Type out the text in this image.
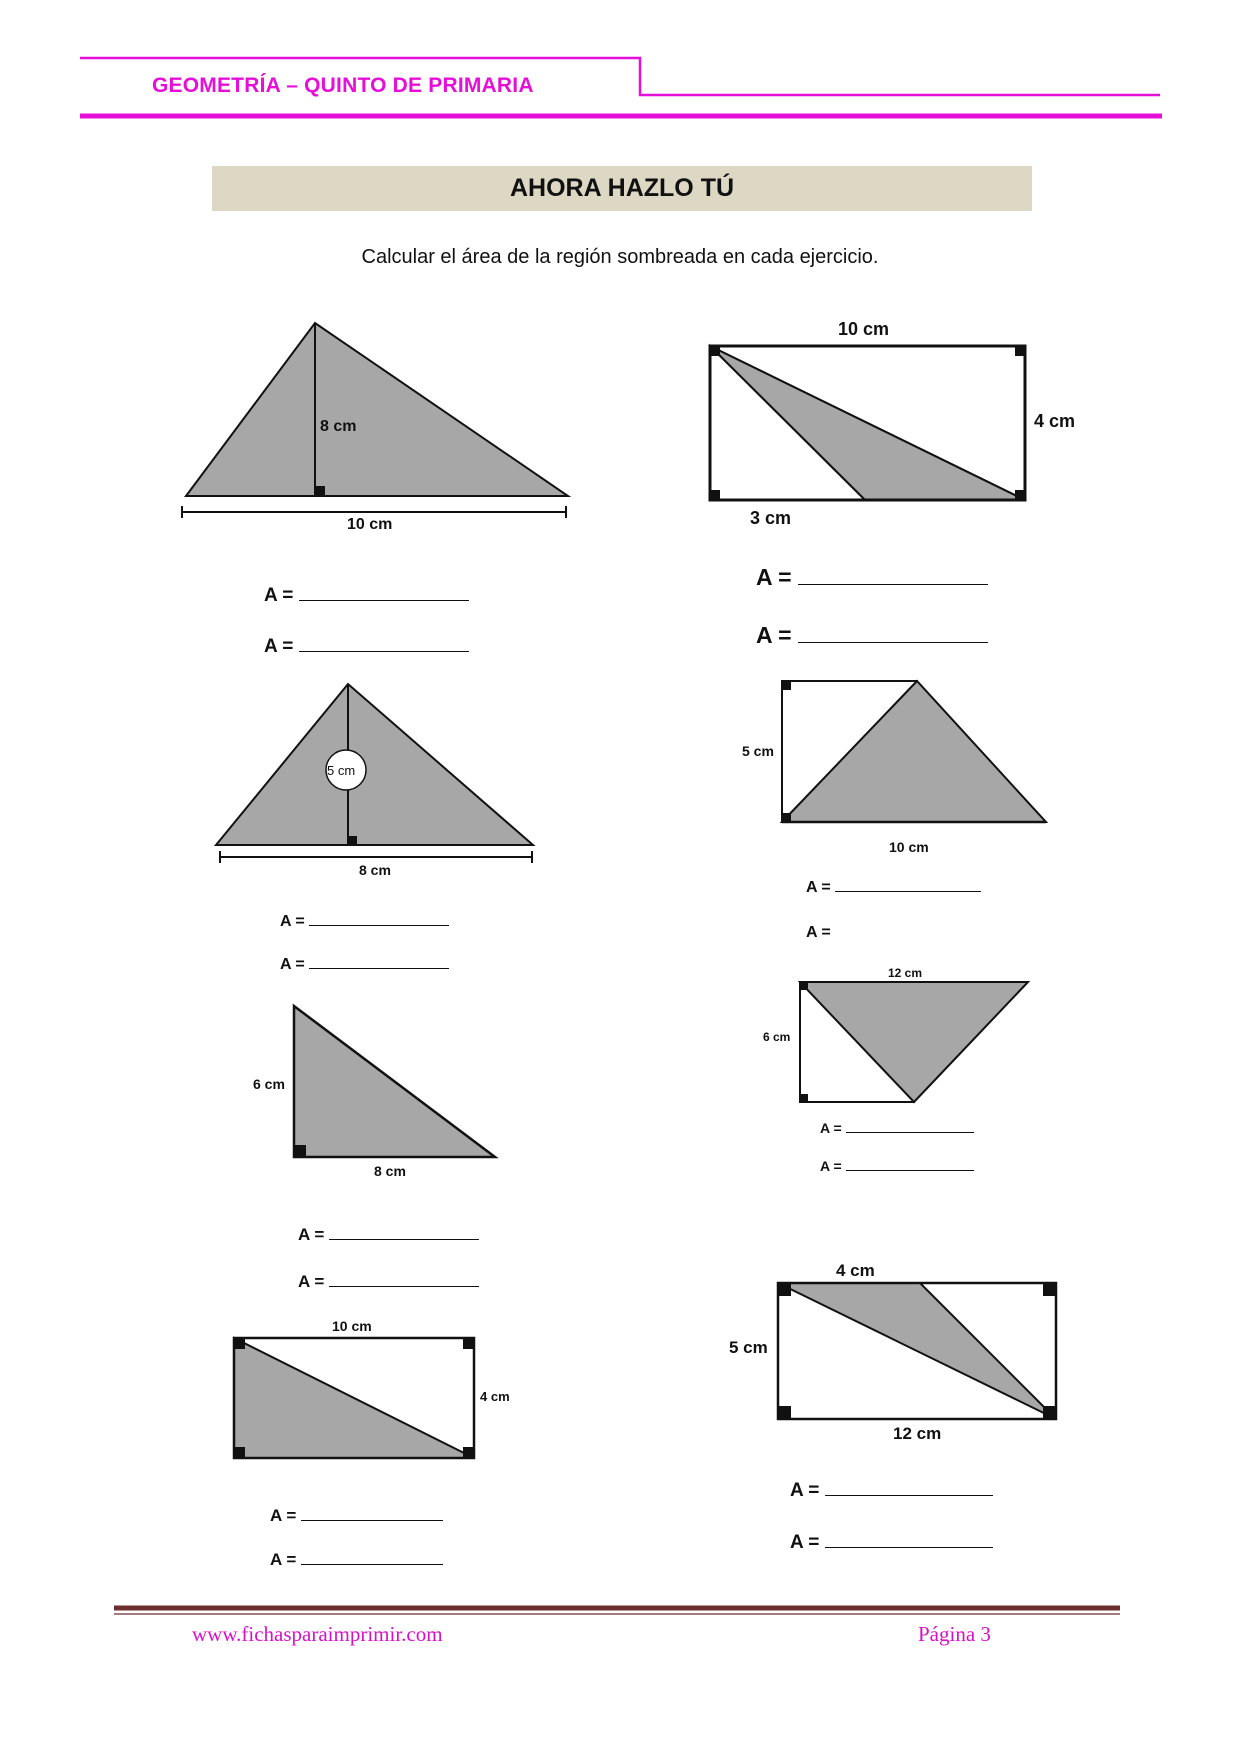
GEOMETRÍA – QUINTO DE PRIMARIA
AHORA HAZLO TÚ
Calcular el área de la región sombreada en cada ejercicio.
8 cm
10 cm
A =
A =
10 cm
4 cm
3 cm
A =
A =
5 cm
8 cm
A =
A =
5 cm
10 cm
A =
A =
6 cm
8 cm
A =
A =
12 cm
6 cm
A =
A =
10 cm
4 cm
A =
A =
4 cm
5 cm
12 cm
A =
A =
www.fichasparaimprimir.com	Página 3
